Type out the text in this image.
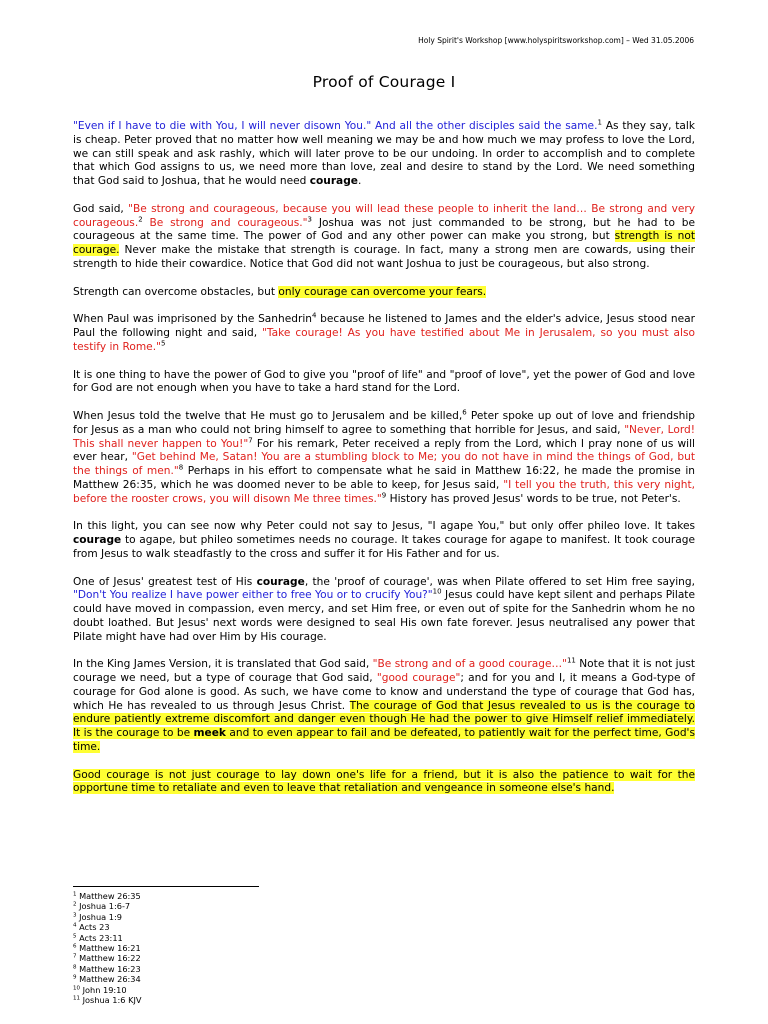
Holy Spirit's Workshop [www.holyspiritsworkshop.com] – Wed 31.05.2006
Proof of Courage I

"Even if I have to die with You, I will never disown You." And all the other disciples said the same.$^1$ As they say, talk is cheap. Peter proved that no matter how well meaning we may be and how much we may profess to love the Lord, we can still speak and ask rashly, which will later prove to be our undoing. In order to accomplish and to complete that which God assigns to us, we need more than love, zeal and desire to stand by the Lord. We need something that God said to Joshua, that he would need courage.

God said, "Be strong and courageous, because you will lead these people to inherit the land… Be strong and very courageous.$^2$ Be strong and courageous."$^3$ Joshua was not just commanded to be strong, but he had to be courageous at the same time. The power of God and any other power can make you strong, but strength is not courage. Never make the mistake that strength is courage. In fact, many a strong men are cowards, using their strength to hide their cowardice. Notice that God did not want Joshua to just be courageous, but also strong.

Strength can overcome obstacles, but only courage can overcome your fears.

When Paul was imprisoned by the Sanhedrin$^4$ because he listened to James and the elder's advice, Jesus stood near Paul the following night and said, "Take courage! As you have testified about Me in Jerusalem, so you must also testify in Rome."$^5$

It is one thing to have the power of God to give you "proof of life" and "proof of love", yet the power of God and love for God are not enough when you have to take a hard stand for the Lord.

When Jesus told the twelve that He must go to Jerusalem and be killed,$^6$ Peter spoke up out of love and friendship for Jesus as a man who could not bring himself to agree to something that horrible for Jesus, and said, "Never, Lord! This shall never happen to You!"$^7$ For his remark, Peter received a reply from the Lord, which I pray none of us will ever hear, "Get behind Me, Satan! You are a stumbling block to Me; you do not have in mind the things of God, but the things of men."$^8$ Perhaps in his effort to compensate what he said in Matthew 16:22, he made the promise in Matthew 26:35, which he was doomed never to be able to keep, for Jesus said, "I tell you the truth, this very night, before the rooster crows, you will disown Me three times."$^9$ History has proved Jesus' words to be true, not Peter's.

In this light, you can see now why Peter could not say to Jesus, "I agape You," but only offer phileo love. It takes courage to agape, but phileo sometimes needs no courage. It takes courage for agape to manifest. It took courage from Jesus to walk steadfastly to the cross and suffer it for His Father and for us.

One of Jesus' greatest test of His courage, the 'proof of courage', was when Pilate offered to set Him free saying, "Don't You realize I have power either to free You or to crucify You?"$^{10}$ Jesus could have kept silent and perhaps Pilate could have moved in compassion, even mercy, and set Him free, or even out of spite for the Sanhedrin whom he no doubt loathed. But Jesus' next words were designed to seal His own fate forever. Jesus neutralised any power that Pilate might have had over Him by His courage.

In the King James Version, it is translated that God said, "Be strong and of a good courage…"$^{11}$ Note that it is not just courage we need, but a type of courage that God said, "good courage"; and for you and I, it means a God-type of courage for God alone is good. As such, we have come to know and understand the type of courage that God has, which He has revealed to us through Jesus Christ. The courage of God that Jesus revealed to us is the courage to endure patiently extreme discomfort and danger even though He had the power to give Himself relief immediately. It is the courage to be meek and to even appear to fail and be defeated, to patiently wait for the perfect time, God's time.

Good courage is not just courage to lay down one's life for a friend, but it is also the patience to wait for the opportune time to retaliate and even to leave that retaliation and vengeance in someone else's hand.

$^1$ Matthew 26:35
$^2$ Joshua 1:6-7
$^3$ Joshua 1:9
$^4$ Acts 23
$^5$ Acts 23:11
$^6$ Matthew 16:21
$^7$ Matthew 16:22
$^8$ Matthew 16:23
$^9$ Matthew 26:34
$^{10}$ John 19:10
$^{11}$ Joshua 1:6 KJV
